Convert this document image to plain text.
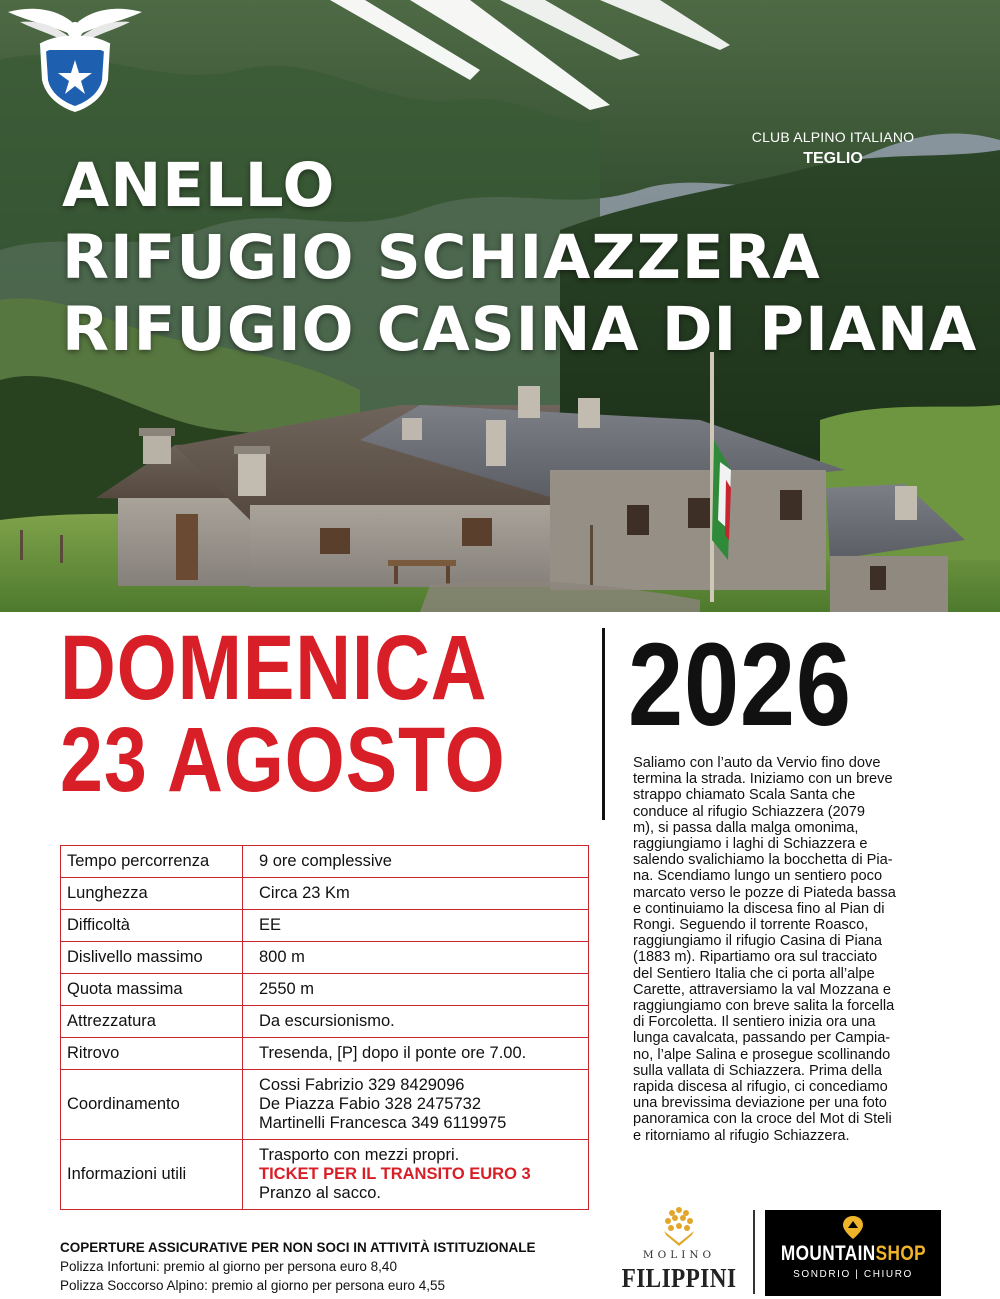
ANELLO
RIFUGIO SCHIAZZERA
RIFUGIO CASINA DI PIANA
CLUB ALPINO ITALIANO
TEGLIO
DOMENICA
23 AGOSTO
2026
Saliamo con l’auto da Vervio fino dove
termina la strada. Iniziamo con un breve
strappo chiamato Scala Santa che
conduce al rifugio Schiazzera (2079
m), si passa dalla malga omonima,
raggiungiamo i laghi di Schiazzera e
salendo svalichiamo la bocchetta di Pia-
na. Scendiamo lungo un sentiero poco
marcato verso le pozze di Piateda bassa
e continuiamo la discesa fino al Pian di
Rongi. Seguendo il torrente Roasco,
raggiungiamo il rifugio Casina di Piana
(1883 m). Ripartiamo ora sul tracciato
del Sentiero Italia che ci porta all’alpe
Carette, attraversiamo la val Mozzana e
raggiungiamo con breve salita la forcella
di Forcoletta. Il sentiero inizia ora una
lunga cavalcata, passando per Campia-
no, l’alpe Salina e prosegue scollinando
sulla vallata di Schiazzera. Prima della
rapida discesa al rifugio, ci concediamo
una brevissima deviazione per una foto
panoramica con la croce del Mot di Steli
e ritorniamo al rifugio Schiazzera.
Tempo percorrenza	9 ore complessive
Lunghezza	Circa 23 Km
Difficoltà	EE
Dislivello massimo	800 m
Quota massima	2550 m
Attrezzatura	Da escursionismo.
Ritrovo	Tresenda, [P] dopo il ponte ore 7.00.
Coordinamento	Cossi Fabrizio 329 8429096
De Piazza Fabio 328 2475732
Martinelli Francesca 349 6119975

Informazioni utili	Trasporto con mezzi propri.
TICKET PER IL TRANSITO EURO 3
Pranzo al sacco.
COPERTURE ASSICURATIVE PER NON SOCI IN ATTIVITÀ ISTITUZIONALE
Polizza Infortuni: premio al giorno per persona euro 8,40
Polizza Soccorso Alpino: premio al giorno per persona euro 4,55
MOLINO
FILIPPINI
MOUNTAINSHOP
SONDRIO | CHIURO
